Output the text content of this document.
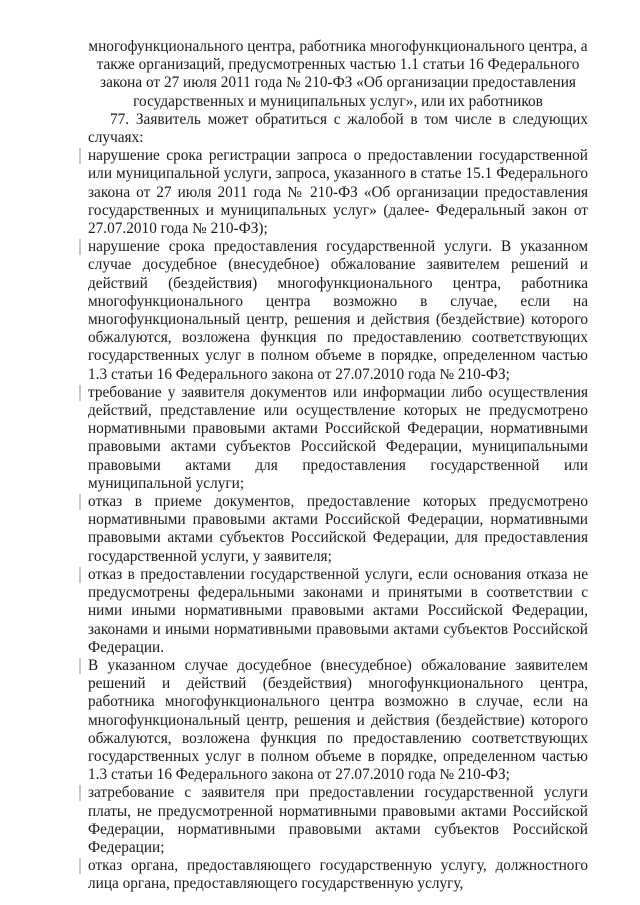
многофункционального центра, работника многофункционального центра, а также организаций, предусмотренных частью 1.1 статьи 16 Федерального закона от 27 июля 2011 года № 210-ФЗ «Об организации предоставления государственных и муниципальных услуг», или их работников

77. Заявитель может обратиться с жалобой в том числе в следующих случаях:

нарушение срока регистрации запроса о предоставлении государственной или муниципальной услуги, запроса, указанного в статье 15.1 Федерального закона от 27 июля 2011 года № 210-ФЗ «Об организации предоставления государственных и муниципальных услуг» (далее- Федеральный закон от 27.07.2010 года № 210-ФЗ);

нарушение срока предоставления государственной услуги. В указанном случае досудебное (внесудебное) обжалование заявителем решений и действий (бездействия) многофункционального центра, работника многофункционального центра возможно в случае, если на многофункциональный центр, решения и действия (бездействие) которого обжалуются, возложена функция по предоставлению соответствующих государственных услуг в полном объеме в порядке, определенном частью 1.3 статьи 16 Федерального закона от 27.07.2010 года № 210-ФЗ;

требование у заявителя документов или информации либо осуществления действий, представление или осуществление которых не предусмотрено нормативными правовыми актами Российской Федерации, нормативными правовыми актами субъектов Российской Федерации, муниципальными правовыми актами для предоставления государственной или муниципальной услуги;

отказ в приеме документов, предоставление которых предусмотрено нормативными правовыми актами Российской Федерации, нормативными правовыми актами субъектов Российской Федерации, для предоставления государственной услуги, у заявителя;

отказ в предоставлении государственной услуги, если основания отказа не предусмотрены федеральными законами и принятыми в соответствии с ними иными нормативными правовыми актами Российской Федерации, законами и иными нормативными правовыми актами субъектов Российской Федерации.

В указанном случае досудебное (внесудебное) обжалование заявителем решений и действий (бездействия) многофункционального центра, работника многофункционального центра возможно в случае, если на многофункциональный центр, решения и действия (бездействие) которого обжалуются, возложена функция по предоставлению соответствующих государственных услуг в полном объеме в порядке, определенном частью 1.3 статьи 16 Федерального закона от 27.07.2010 года № 210-ФЗ;

затребование с заявителя при предоставлении государственной услуги платы, не предусмотренной нормативными правовыми актами Российской Федерации, нормативными правовыми актами субъектов Российской Федерации;

отказ органа, предоставляющего государственную услугу, должностного лица органа, предоставляющего государственную услугу,
